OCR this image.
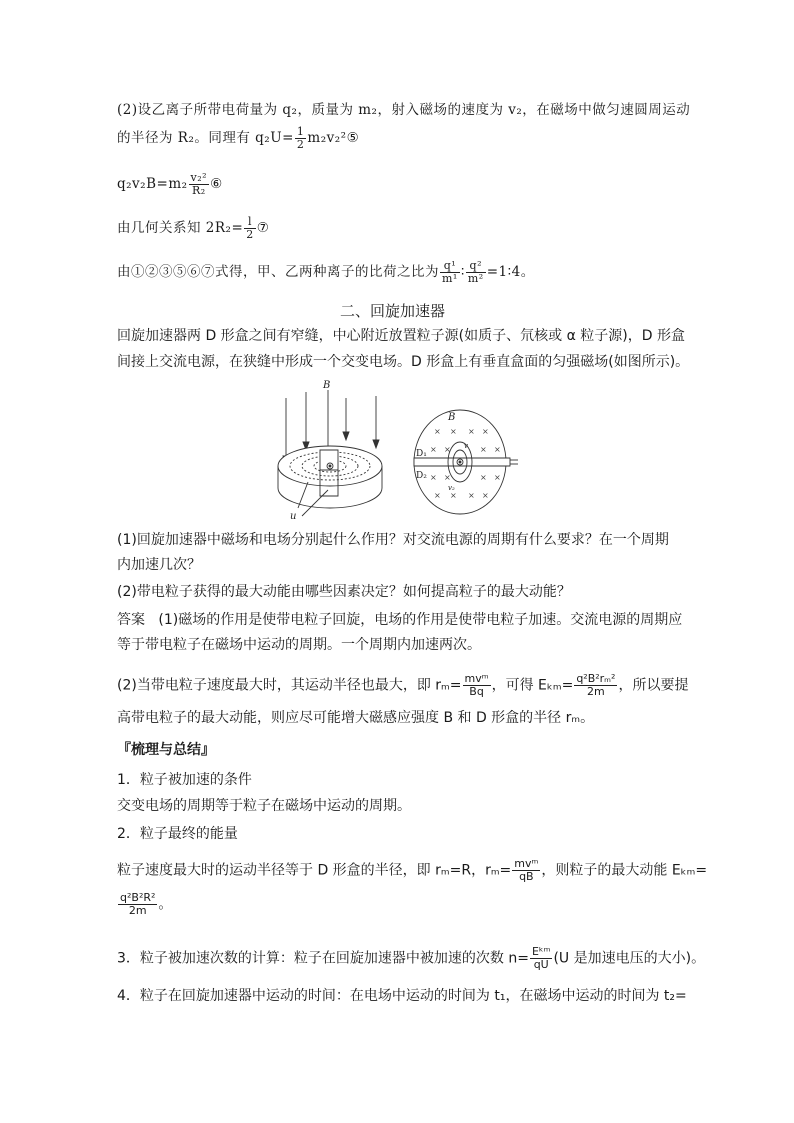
(2)设乙离子所带电荷量为 q₂，质量为 m₂，射入磁场的速度为 v₂，在磁场中做匀速圆周运动
的半径为 R₂。同理有 $q_2U= \frac{1}{2}$ m₂v₂²⑤
$q_2v_2B=m_2 \frac{\text{v₂²}}{\text{R₂}}$ ⑥
由几何关系知 $2R_2= \frac{l}{2}$ ⑦
由①②③⑤⑥⑦式得，甲、乙两种离子的比荷之比为 $\frac{\text{q¹}}{\text{m¹}}$ ∶ $\frac{\text{q²}}{\text{m²}}$ =1∶4。
二、回旋加速器
回旋加速器两 D 形盒之间有窄缝，中心附近放置粒子源(如质子、氘核或 α 粒子源)，D 形盒
间接上交流电源，在狭缝中形成一个交变电场。D 形盒上有垂直盒面的匀强磁场(如图所示)。
B
u
× × × ×
× ×	× ×
× ×	× ×
× × × ×
B
D₁
D₂
v
v₂
(1)回旋加速器中磁场和电场分别起什么作用？对交流电源的周期有什么要求？在一个周期
内加速几次？
(2)带电粒子获得的最大动能由哪些因素决定？如何提高粒子的最大动能？
答案 (1)磁场的作用是使带电粒子回旋，电场的作用是使带电粒子加速。交流电源的周期应
等于带电粒子在磁场中运动的周期。一个周期内加速两次。
(2)当带电粒子速度最大时，其运动半径也最大，即 $r_m= \frac{\text{mvᵐ}}{Bq}$ ，可得 $E_{km}= \frac{\text{q²B²rₘ²}}{2m}$ ，所以要提
高带电粒子的最大动能，则应尽可能增大磁感应强度 B 和 D 形盒的半径 rₘ。
『梳理与总结』
1．粒子被加速的条件
交变电场的周期等于粒子在磁场中运动的周期。
2．粒子最终的能量
粒子速度最大时的运动半径等于 D 形盒的半径，即 rₘ=R，$r_m= \frac{\text{mvᵐ}}{qB}$ ，则粒子的最大动能 Eₖₘ=
$\frac{\text{q²B²R²}}{2m}$ 。
3．粒子被加速次数的计算：粒子在回旋加速器中被加速的次数 $n= \frac{\text{Eᵏᵐ}}{qU} (U$ 是加速电压的大小)。
4．粒子在回旋加速器中运动的时间：在电场中运动的时间为 t₁，在磁场中运动的时间为 t₂=
